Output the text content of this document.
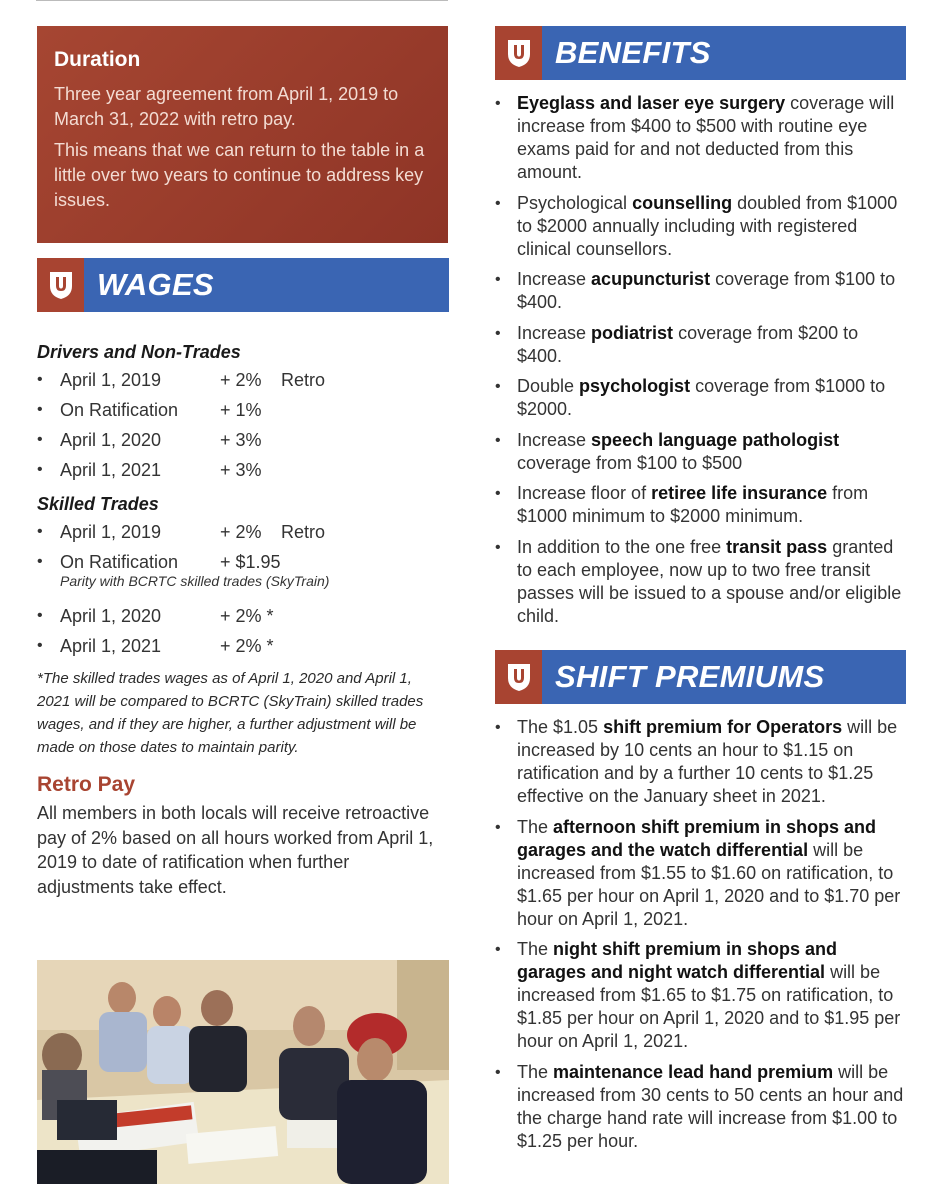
Duration

Three year agreement from April 1, 2019 to March 31, 2022 with retro pay.

This means that we can return to the table in a little over two years to continue to address key issues.

WAGES
Drivers and Non-Trades
• April 1, 2019	+ 2% Retro
• On Ratification + 1%
• April 1, 2020	+ 3%
• April 1, 2021	+ 3%
Skilled Trades
• April 1, 2019	+ 2% Retro
• On Ratification + $1.95
Parity with BCRTC skilled trades (SkyTrain)
• April 1, 2020	+ 2% *
• April 1, 2021	+ 2% *

*The skilled trades wages as of April 1, 2020 and April 1, 2021 will be compared to BCRTC (SkyTrain) skilled trades wages, and if they are higher, a further adjustment will be made on those dates to maintain parity.

Retro Pay

All members in both locals will receive retroactive pay of 2% based on all hours worked from April 1, 2019 to date of ratification when further adjustments take effect.

BENEFITS
• Eyeglass and laser eye surgery coverage will increase from $400 to $500 with routine eye exams paid for and not deducted from this amount.
• Psychological counselling doubled from $1000 to $2000 annually including with registered clinical counsellors.
• Increase acupuncturist coverage from $100 to $400.
• Increase podiatrist coverage from $200 to $400.
• Double psychologist coverage from $1000 to $2000.
• Increase speech language pathologist coverage from $100 to $500
• Increase floor of retiree life insurance from $1000 minimum to $2000 minimum.
• In addition to the one free transit pass granted to each employee, now up to two free transit passes will be issued to a spouse and/or eligible child.
SHIFT PREMIUMS
• The $1.05 shift premium for Operators will be increased by 10 cents an hour to $1.15 on ratification and by a further 10 cents to $1.25 effective on the January sheet in 2021.
• The afternoon shift premium in shops and garages and the watch differential will be increased from $1.55 to $1.60 on ratification, to $1.65 per hour on April 1, 2020 and to $1.70 per hour on April 1, 2021.
• The night shift premium in shops and garages and night watch differential will be increased from $1.65 to $1.75 on ratification, to $1.85 per hour on April 1, 2020 and to $1.95 per hour on April 1, 2021.
• The maintenance lead hand premium will be increased from 30 cents to 50 cents an hour and the charge hand rate will increase from $1.00 to $1.25 per hour.
